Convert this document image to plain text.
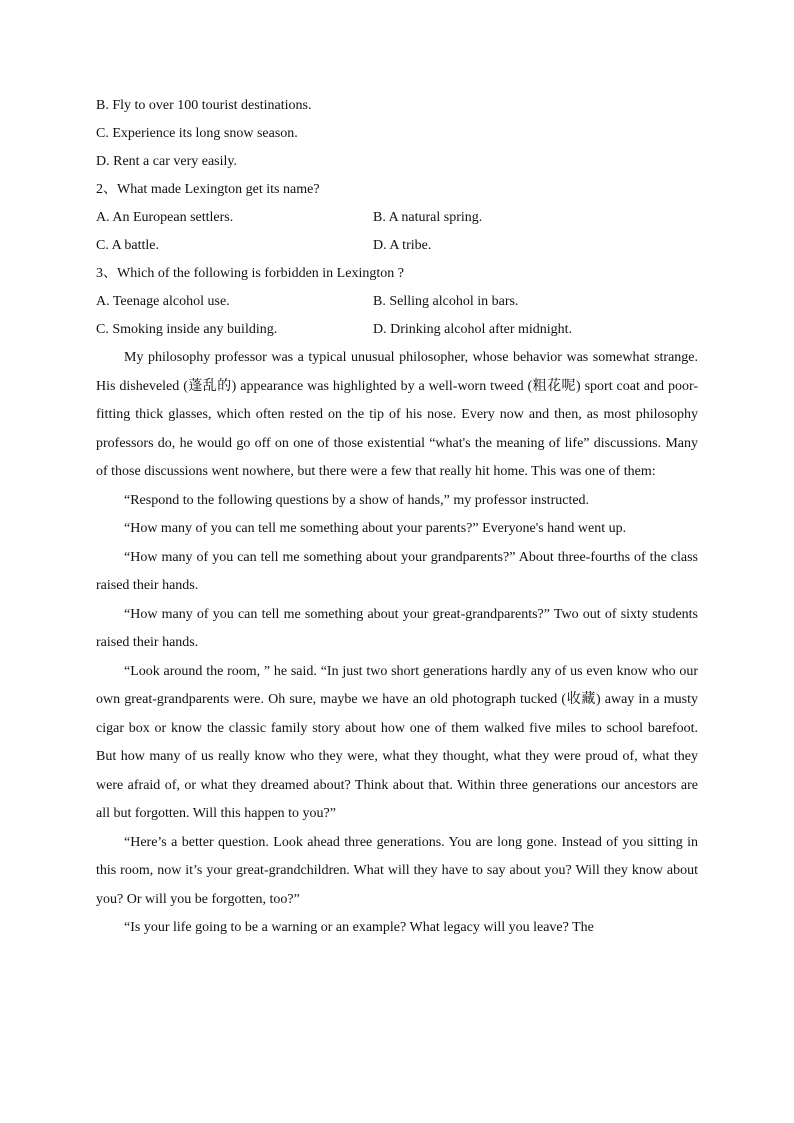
B. Fly to over 100 tourist destinations.
C. Experience its long snow season.
D. Rent a car very easily.
2、What made Lexington get its name?
A. An European settlers.	B. A natural spring.
C. A battle.	D. A tribe.
3、Which of the following is forbidden in Lexington ?
A. Teenage alcohol use.	B. Selling alcohol in bars.
C. Smoking inside any building.	D. Drinking alcohol after midnight.

My philosophy professor was a typical unusual philosopher, whose behavior was somewhat strange. His disheveled (蓬乱的) appearance was highlighted by a well-worn tweed (粗花呢) sport coat and poor-fitting thick glasses, which often rested on the tip of his nose. Every now and then, as most philosophy professors do, he would go off on one of those existential “what's the meaning of life” discussions. Many of those discussions went nowhere, but there were a few that really hit home. This was one of them:

“Respond to the following questions by a show of hands,” my professor instructed.

“How many of you can tell me something about your parents?” Everyone's hand went up.

“How many of you can tell me something about your grandparents?” About three-fourths of the class raised their hands.

“How many of you can tell me something about your great-grandparents?” Two out of sixty students raised their hands.

“Look around the room, ” he said. “In just two short generations hardly any of us even know who our own great-grandparents were. Oh sure, maybe we have an old photograph tucked (收藏) away in a musty cigar box or know the classic family story about how one of them walked five miles to school barefoot. But how many of us really know who they were, what they thought, what they were proud of, what they were afraid of, or what they dreamed about? Think about that. Within three generations our ancestors are all but forgotten. Will this happen to you?”

“Here’s a better question. Look ahead three generations. You are long gone. Instead of you sitting in this room, now it’s your great-grandchildren. What will they have to say about you? Will they know about you? Or will you be forgotten, too?”

“Is your life going to be a warning or an example? What legacy will you leave? The
